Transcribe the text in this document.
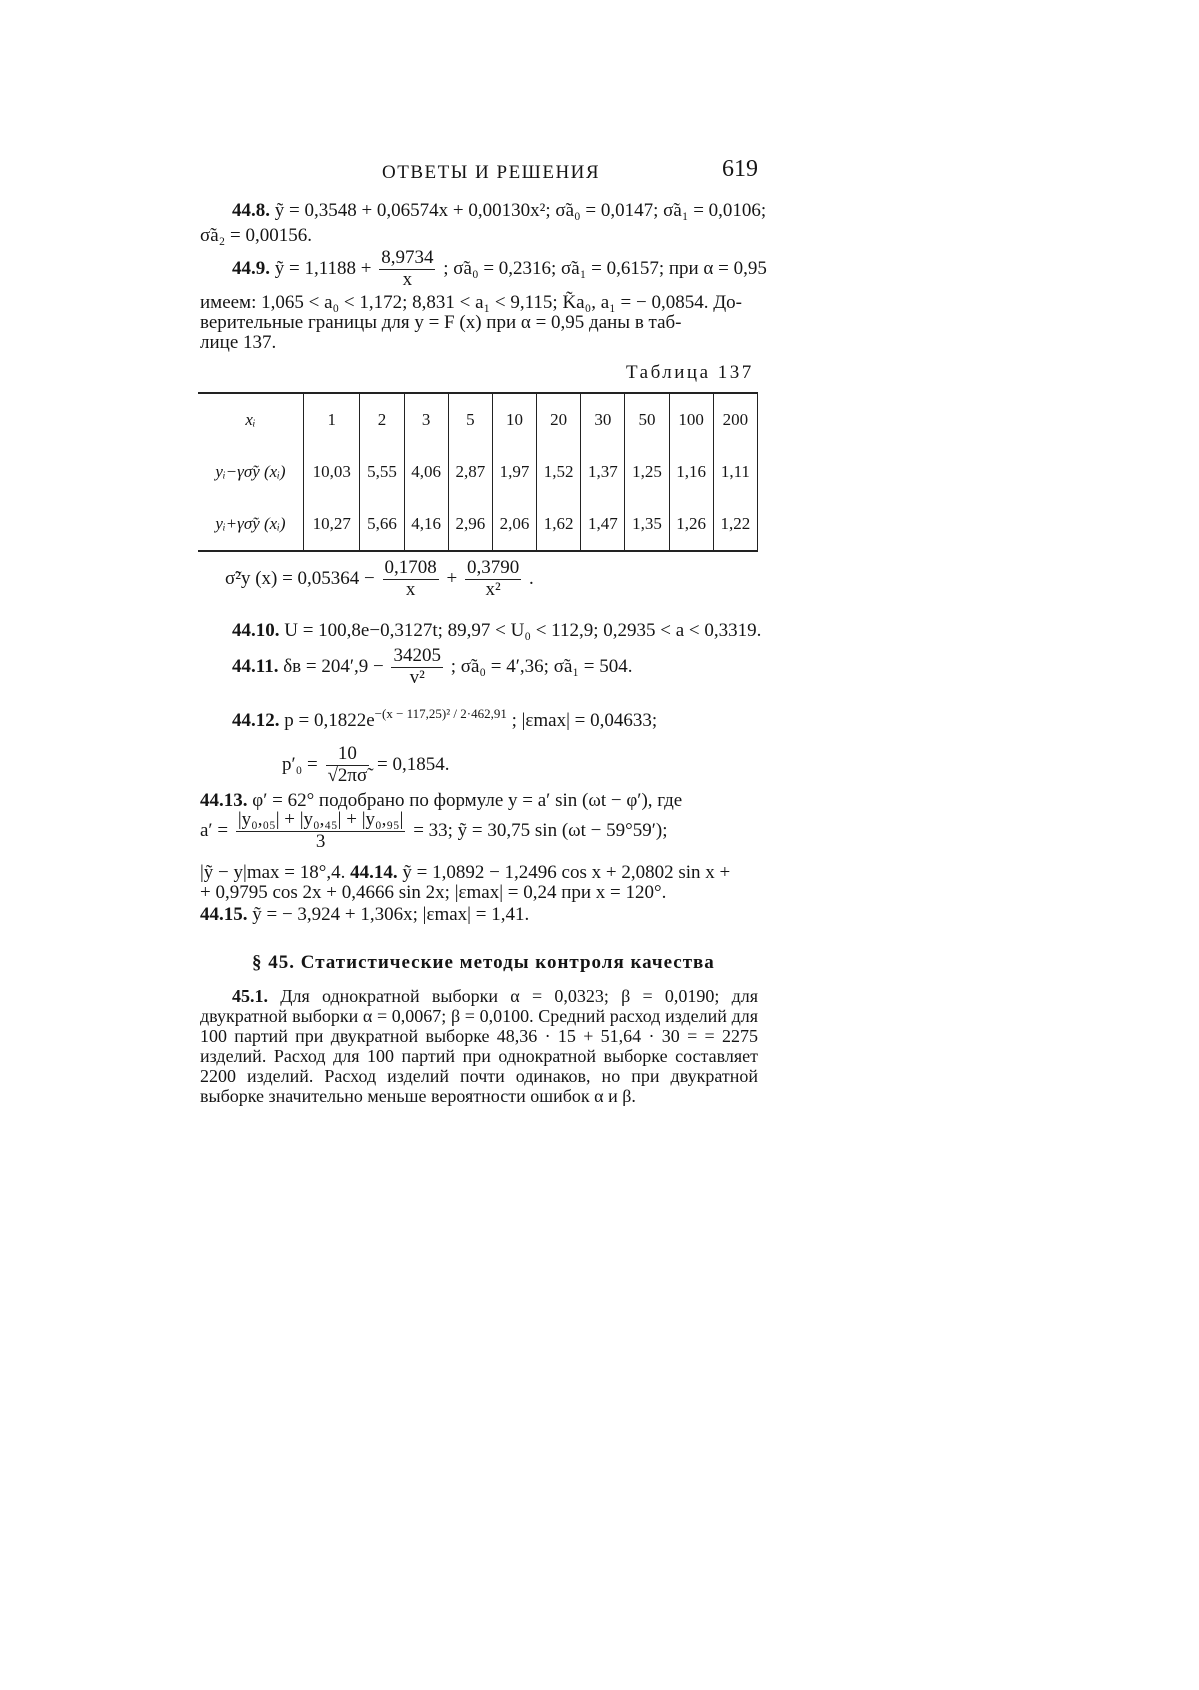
ОТВЕТЫ И РЕШЕНИЯ	619
44.8. ỹ = 0,3548 + 0,06574x + 0,00130x²; σ̃a₀ = 0,0147; σ̃a₁ = 0,0106;
σ̃a₂ = 0,00156.
44.9. ỹ = $1,1188 + \frac{8,9734}{x}$ ; σ̃a₀ = 0,2316; σ̃a₁ = 0,6157; при α = 0,95
имеем: 1,065 < a₀ < 1,172; 8,831 < a₁ < 9,115; K̃a₀, a₁ = − 0,0854. До-
верительные границы для y = F (x) при α = 0,95 даны в таб-
лице 137.
Таблица 137
xᵢ	1	2	3	5	10	20	30	50	100	200
yᵢ−γσ̃y (xᵢ)	10,03	5,55	4,06	2,87	1,97	1,52	1,37	1,25	1,16	1,11
yᵢ+γσ̃y (xᵢ)	10,27	5,66	4,16	2,96	2,06	1,62	1,47	1,35	1,26	1,22
σ̃²y $(x) = 0,05364 - \frac{0,1708}{x} + \frac{0,3790}{\text{x²}}$ .
44.10. U = 100,8e−0,3127t; 89,97 < U₀ < 112,9; 0,2935 < a < 0,3319.
44.11. $\delta в = 204',9 - \frac{34205}{\text{v²}}$ ; σ̃a₀ = 4′,36; σ̃a₁ = 504.
44.12. $p = 0,1822e^{-(x - 117,25)^2 / 2\cdot 462,91}$ ; |εmax| = 0,04633;
$p'_0 = \frac{10}{√2\pi\sigmã} = 0,1854$.
44.13. φ′ = 62° подобрано по формуле y = a′ sin (ωt − φ′), где
$a' = \frac{\text{|y₀,₀₅| + |y₀,₄₅| + |y₀,₉₅|}}{3} = 33$; ỹ = 30,75 sin (ωt − 59°59′);
|ỹ − y|max = 18°,4. 44.14. ỹ = 1,0892 − 1,2496 cos x + 2,0802 sin x +
+ 0,9795 cos 2x + 0,4666 sin 2x; |εmax| = 0,24 при x = 120°.
44.15. ỹ = − 3,924 + 1,306x; |εmax| = 1,41.
§ 45. Статистические методы контроля качества
45.1. Для однократной выборки α = 0,0323; β = 0,0190; для двукратной выборки α = 0,0067; β = 0,0100. Средний расход изделий для 100 партий при двукратной выборке 48,36 · 15 + 51,64 · 30 = = 2275 изделий. Расход для 100 партий при однократной выборке составляет 2200 изделий. Расход изделий почти одинаков, но при двукратной выборке значительно меньше вероятности ошибок α и β.
